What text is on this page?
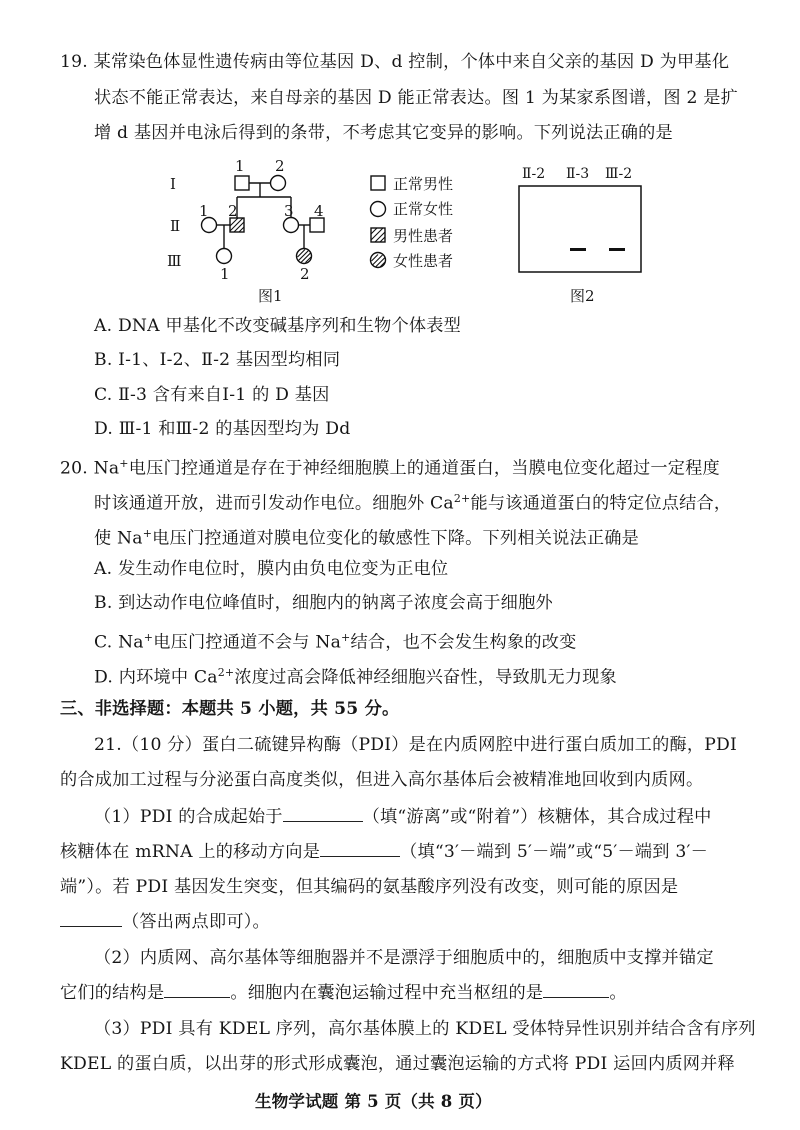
19. 某常染色体显性遗传病由等位基因 D、d 控制，个体中来自父亲的基因 D 为甲基化
状态不能正常表达，来自母亲的基因 D 能正常表达。图 1 为某家系图谱，图 2 是扩
增 d 基因并电泳后得到的条带，不考虑其它变异的影响。下列说法正确的是
Ⅰ
Ⅱ
Ⅲ
1 2
1 2	3 4
1	2
图1
正常男性
正常女性
男性患者
女性患者
Ⅱ-2 Ⅱ-3 Ⅲ-2
图2
A. DNA 甲基化不改变碱基序列和生物个体表型
B. Ⅰ-1、Ⅰ-2、Ⅱ-2 基因型均相同
C. Ⅱ-3 含有来自Ⅰ-1 的 D 基因
D. Ⅲ-1 和Ⅲ-2 的基因型均为 Dd
20. Na+电压门控通道是存在于神经细胞膜上的通道蛋白，当膜电位变化超过一定程度
时该通道开放，进而引发动作电位。细胞外 $Ca^{2+}$能与该通道蛋白的特定位点结合，
使 Na+电压门控通道对膜电位变化的敏感性下降。下列相关说法正确是
A. 发生动作电位时，膜内由负电位变为正电位
B. 到达动作电位峰值时，细胞内的钠离子浓度会高于细胞外
C. Na+电压门控通道不会与 Na+结合，也不会发生构象的改变
D. 内环境中 $Ca^{2+}$浓度过高会降低神经细胞兴奋性，导致肌无力现象
三、非选择题：本题共 5 小题，共 55 分。
21.（10 分）蛋白二硫键异构酶（PDI）是在内质网腔中进行蛋白质加工的酶，PDI
的合成加工过程与分泌蛋白高度类似，但进入高尔基体后会被精准地回收到内质网。
（1）PDI 的合成起始于	（填“游离”或“附着”）核糖体，其合成过程中
核糖体在 mRNA 上的移动方向是	（填“3′－端到 5′－端”或“5′－端到 3′－
端”）。若 PDI 基因发生突变，但其编码的氨基酸序列没有改变，则可能的原因是
（答出两点即可）。
（2）内质网、高尔基体等细胞器并不是漂浮于细胞质中的，细胞质中支撑并锚定
它们的结构是	。细胞内在囊泡运输过程中充当枢纽的是	。
（3）PDI 具有 KDEL 序列，高尔基体膜上的 KDEL 受体特异性识别并结合含有序列
KDEL 的蛋白质，以出芽的形式形成囊泡，通过囊泡运输的方式将 PDI 运回内质网并释
生物学试题 第 5 页（共 8 页）
